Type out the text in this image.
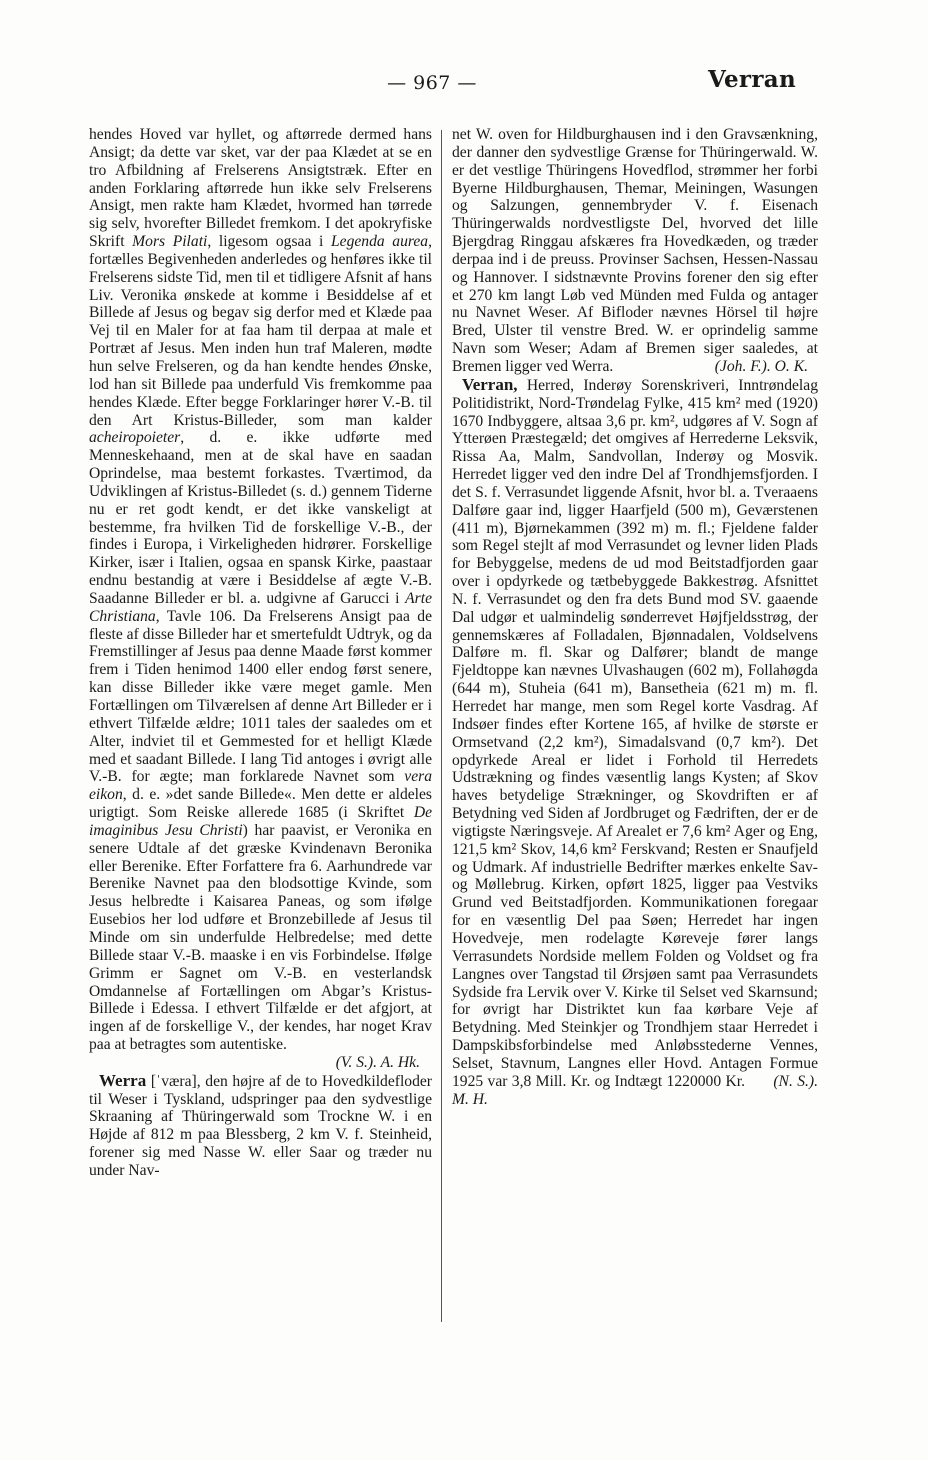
— 967 —	Verran

hendes Hoved var hyllet, og aftørrede dermed hans Ansigt; da dette var sket, var der paa Klædet at se en tro Afbildning af Frelserens Ansigtstræk. Efter en anden Forklaring aftørrede hun ikke selv Frelserens Ansigt, men rakte ham Klædet, hvormed han tørrede sig selv, hvorefter Billedet fremkom. I det apokryfiske Skrift Mors Pilati, ligesom ogsaa i Legenda aurea, fortælles Begivenheden anderledes og henføres ikke til Frelserens sidste Tid, men til et tidligere Afsnit af hans Liv. Veronika ønskede at komme i Besiddelse af et Billede af Jesus og begav sig derfor med et Klæde paa Vej til en Maler for at faa ham til derpaa at male et Portræt af Jesus. Men inden hun traf Maleren, mødte hun selve Frelseren, og da han kendte hendes Ønske, lod han sit Billede paa underfuld Vis fremkomme paa hendes Klæde. Efter begge Forklaringer hører V.-B. til den Art Kristus-Billeder, som man kalder acheiropoieter, d. e. ikke udførte med Menneskehaand, men at de skal have en saadan Oprindelse, maa bestemt forkastes. Tværtimod, da Udviklingen af Kristus-Billedet (s. d.) gennem Tiderne nu er ret godt kendt, er det ikke vanskeligt at bestemme, fra hvilken Tid de forskellige V.-B., der findes i Europa, i Virkeligheden hidrører. Forskellige Kirker, især i Italien, ogsaa en spansk Kirke, paastaar endnu bestandig at være i Besiddelse af ægte V.-B. Saadanne Billeder er bl. a. udgivne af Garucci i Arte Christiana, Tavle 106. Da Frelserens Ansigt paa de fleste af disse Billeder har et smertefuldt Udtryk, og da Fremstillinger af Jesus paa denne Maade først kommer frem i Tiden henimod 1400 eller endog først senere, kan disse Billeder ikke være meget gamle. Men Fortællingen om Tilværelsen af denne Art Billeder er i ethvert Tilfælde ældre; 1011 tales der saaledes om et Alter, indviet til et Gemmested for et helligt Klæde med et saadant Billede. I lang Tid antoges i øvrigt alle V.-B. for ægte; man forklarede Navnet som vera eikon, d. e. »det sande Billede«. Men dette er aldeles urigtigt. Som Reiske allerede 1685 (i Skriftet De imaginibus Jesu Christi) har paavist, er Veronika en senere Udtale af det græske Kvindenavn Beronika eller Berenike. Efter Forfattere fra 6. Aarhundrede var Berenike Navnet paa den blodsottige Kvinde, som Jesus helbredte i Kaisarea Paneas, og som ifølge Eusebios her lod udføre et Bronzebillede af Jesus til Minde om sin underfulde Helbredelse; med dette Billede staar V.-B. maaske i en vis Forbindelse. Ifølge Grimm er Sagnet om V.-B. en vesterlandsk Omdannelse af Fortællingen om Abgar’s Kristus-Billede i Edessa. I ethvert Tilfælde er det afgjort, at ingen af de forskellige V., der kendes, har noget Krav paa at betragtes som autentiske.

(V. S.). A. Hk.

Werra [ˈværa], den højre af de to Hovedkildefloder til Weser i Tyskland, udspringer paa den sydvestlige Skraaning af Thüringerwald som Trockne W. i en Højde af 812 m paa Blessberg, 2 km V. f. Steinheid, forener sig med Nasse W. eller Saar og træder nu under Nav-

net W. oven for Hildburghausen ind i den Gravsænkning, der danner den sydvestlige Grænse for Thüringerwald. W. er det vestlige Thüringens Hovedflod, strømmer her forbi Byerne Hildburghausen, Themar, Meiningen, Wasungen og Salzungen, gennembryder V. f. Eisenach Thüringerwalds nordvestligste Del, hvorved det lille Bjergdrag Ringgau afskæres fra Hovedkæden, og træder derpaa ind i de preuss. Provinser Sachsen, Hessen-Nassau og Hannover. I sidstnævnte Provins forener den sig efter et 270 km langt Løb ved Münden med Fulda og antager nu Navnet Weser. Af Bifloder nævnes Hörsel til højre Bred, Ulster til venstre Bred. W. er oprindelig samme Navn som Weser; Adam af Bremen siger saaledes, at Bremen ligger ved Werra.	(Joh. F.). O. K.

Verran, Herred, Inderøy Sorenskriveri, Inntrøndelag Politidistrikt, Nord-Trøndelag Fylke, 415 km² med (1920) 1670 Indbyggere, altsaa 3,6 pr. km², udgøres af V. Sogn af Ytterøen Præstegæld; det omgives af Herrederne Leksvik, Rissa Aa, Malm, Sandvollan, Inderøy og Mosvik. Herredet ligger ved den indre Del af Trondhjemsfjorden. I det S. f. Verrasundet liggende Afsnit, hvor bl. a. Tveraaens Dalføre gaar ind, ligger Haarfjeld (500 m), Geværstenen (411 m), Bjørnekammen (392 m) m. fl.; Fjeldene falder som Regel stejlt af mod Verrasundet og levner liden Plads for Bebyggelse, medens de ud mod Beitstadfjorden gaar over i opdyrkede og tætbebyggede Bakkestrøg. Afsnittet N. f. Verrasundet og den fra dets Bund mod SV. gaaende Dal udgør et ualmindelig sønderrevet Højfjeldsstrøg, der gennemskæres af Folladalen, Bjønnadalen, Voldselvens Dalføre m. fl. Skar og Dalfører; blandt de mange Fjeldtoppe kan nævnes Ulvashaugen (602 m), Follahøgda (644 m), Stuheia (641 m), Bansetheia (621 m) m. fl. Herredet har mange, men som Regel korte Vasdrag. Af Indsøer findes efter Kortene 165, af hvilke de største er Ormsetvand (2,2 km²), Simadalsvand (0,7 km²). Det opdyrkede Areal er lidet i Forhold til Herredets Udstrækning og findes væsentlig langs Kysten; af Skov haves betydelige Strækninger, og Skovdriften er af Betydning ved Siden af Jordbruget og Fædriften, der er de vigtigste Næringsveje. Af Arealet er 7,6 km² Ager og Eng, 121,5 km² Skov, 14,6 km² Ferskvand; Resten er Snaufjeld og Udmark. Af industrielle Bedrifter mærkes enkelte Sav- og Møllebrug. Kirken, opført 1825, ligger paa Vestviks Grund ved Beitstadfjorden. Kommunikationen foregaar for en væsentlig Del paa Søen; Herredet har ingen Hovedveje, men rodelagte Køreveje fører langs Verrasundets Nordside mellem Folden og Voldset og fra Langnes over Tangstad til Ørsjøen samt paa Verrasundets Sydside fra Lervik over V. Kirke til Selset ved Skarnsund; for øvrigt har Distriktet kun faa kørbare Veje af Betydning. Med Steinkjer og Trondhjem staar Herredet i Dampskibsforbindelse med Anløbsstederne Vennes, Selset, Stavnum, Langnes eller Hovd. Antagen Formue 1925 var 3,8 Mill. Kr. og Indtægt 1220000 Kr. (N. S.). M. H.
